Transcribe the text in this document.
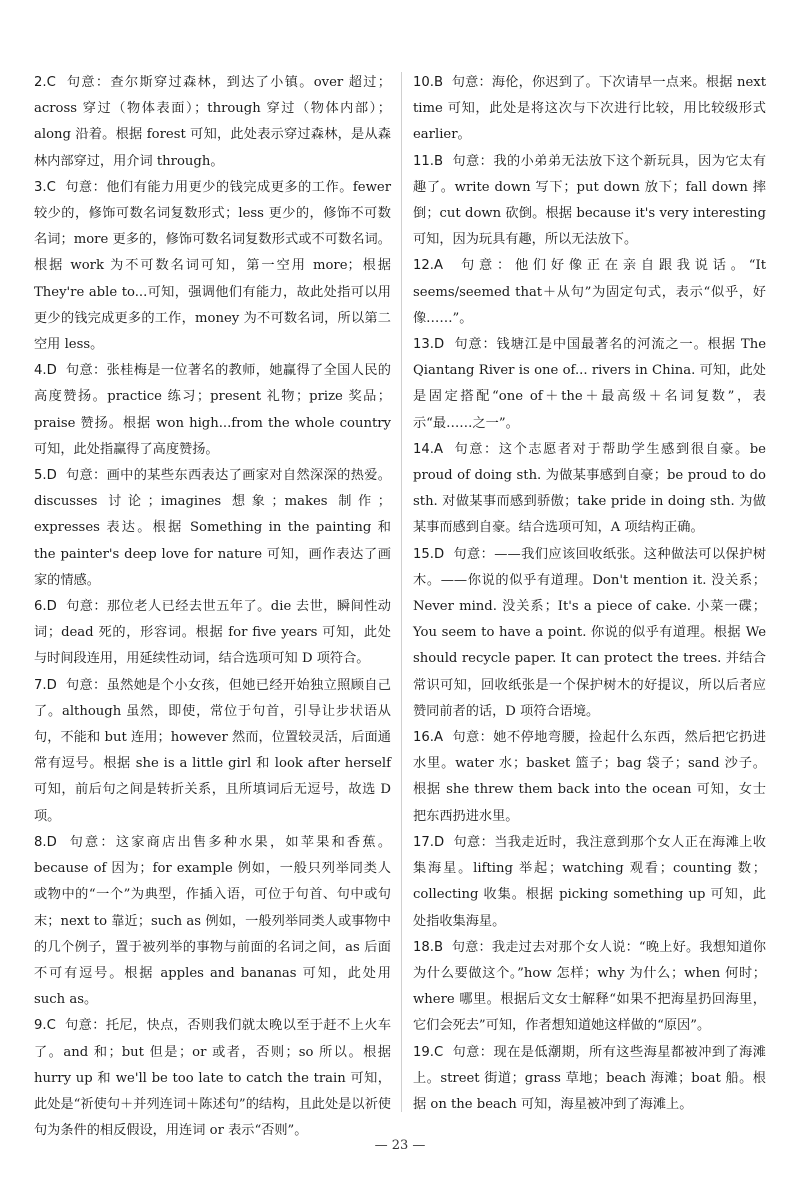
2.C 句意：查尔斯穿过森林，到达了小镇。over 超过；across 穿过（物体表面）；through 穿过（物体内部）；along 沿着。根据 forest 可知，此处表示穿过森林，是从森林内部穿过，用介词 through。
3.C 句意：他们有能力用更少的钱完成更多的工作。fewer 较少的，修饰可数名词复数形式；less 更少的，修饰不可数名词；more 更多的，修饰可数名词复数形式或不可数名词。根据 work 为不可数名词可知，第一空用 more；根据 They're able to...可知，强调他们有能力，故此处指可以用更少的钱完成更多的工作，money 为不可数名词，所以第二空用 less。
4.D 句意：张桂梅是一位著名的教师，她赢得了全国人民的高度赞扬。practice 练习；present 礼物；prize 奖品；praise 赞扬。根据 won high...from the whole country 可知，此处指赢得了高度赞扬。
5.D 句意：画中的某些东西表达了画家对自然深深的热爱。discusses 讨论；imagines 想象；makes 制作；expresses 表达。根据 Something in the painting 和 the painter's deep love for nature 可知，画作表达了画家的情感。
6.D 句意：那位老人已经去世五年了。die 去世，瞬间性动词；dead 死的，形容词。根据 for five years 可知，此处与时间段连用，用延续性动词，结合选项可知 D 项符合。
7.D 句意：虽然她是个小女孩，但她已经开始独立照顾自己了。although 虽然，即使，常位于句首，引导让步状语从句，不能和 but 连用；however 然而，位置较灵活，后面通常有逗号。根据 she is a little girl 和 look after herself 可知，前后句之间是转折关系，且所填词后无逗号，故选 D 项。
8.D 句意：这家商店出售多种水果，如苹果和香蕉。because of 因为；for example 例如，一般只列举同类人或物中的“一个”为典型，作插入语，可位于句首、句中或句末；next to 靠近；such as 例如，一般列举同类人或事物中的几个例子，置于被列举的事物与前面的名词之间，as 后面不可有逗号。根据 apples and bananas 可知，此处用 such as。
9.C 句意：托尼，快点，否则我们就太晚以至于赶不上火车了。and 和；but 但是；or 或者，否则；so 所以。根据 hurry up 和 we'll be too late to catch the train 可知，此处是“祈使句＋并列连词＋陈述句”的结构，且此处是以祈使句为条件的相反假设，用连词 or 表示“否则”。
10.B 句意：海伦，你迟到了。下次请早一点来。根据 next time 可知，此处是将这次与下次进行比较，用比较级形式 earlier。
11.B 句意：我的小弟弟无法放下这个新玩具，因为它太有趣了。write down 写下；put down 放下；fall down 摔倒；cut down 砍倒。根据 because it's very interesting 可知，因为玩具有趣，所以无法放下。
12.A 句意：他们好像正在亲自跟我说话。“It seems/seemed that＋从句”为固定句式，表示“似乎，好像……”。
13.D 句意：钱塘江是中国最著名的河流之一。根据 The Qiantang River is one of... rivers in China. 可知，此处是固定搭配“one of＋the＋最高级＋名词复数”，表示“最……之一”。
14.A 句意：这个志愿者对于帮助学生感到很自豪。be proud of doing sth. 为做某事感到自豪；be proud to do sth. 对做某事而感到骄傲；take pride in doing sth. 为做某事而感到自豪。结合选项可知，A 项结构正确。
15.D 句意：——我们应该回收纸张。这种做法可以保护树木。——你说的似乎有道理。Don't mention it. 没关系；Never mind. 没关系；It's a piece of cake. 小菜一碟；You seem to have a point. 你说的似乎有道理。根据 We should recycle paper. It can protect the trees. 并结合常识可知，回收纸张是一个保护树木的好提议，所以后者应赞同前者的话，D 项符合语境。
16.A 句意：她不停地弯腰，捡起什么东西，然后把它扔进水里。water 水；basket 篮子；bag 袋子；sand 沙子。根据 she threw them back into the ocean 可知，女士把东西扔进水里。
17.D 句意：当我走近时，我注意到那个女人正在海滩上收集海星。lifting 举起；watching 观看；counting 数；collecting 收集。根据 picking something up 可知，此处指收集海星。
18.B 句意：我走过去对那个女人说：“晚上好。我想知道你为什么要做这个。”how 怎样；why 为什么；when 何时；where 哪里。根据后文女士解释“如果不把海星扔回海里，它们会死去”可知，作者想知道她这样做的“原因”。
19.C 句意：现在是低潮期，所有这些海星都被冲到了海滩上。street 街道；grass 草地；beach 海滩；boat 船。根据 on the beach 可知，海星被冲到了海滩上。
— 23 —
